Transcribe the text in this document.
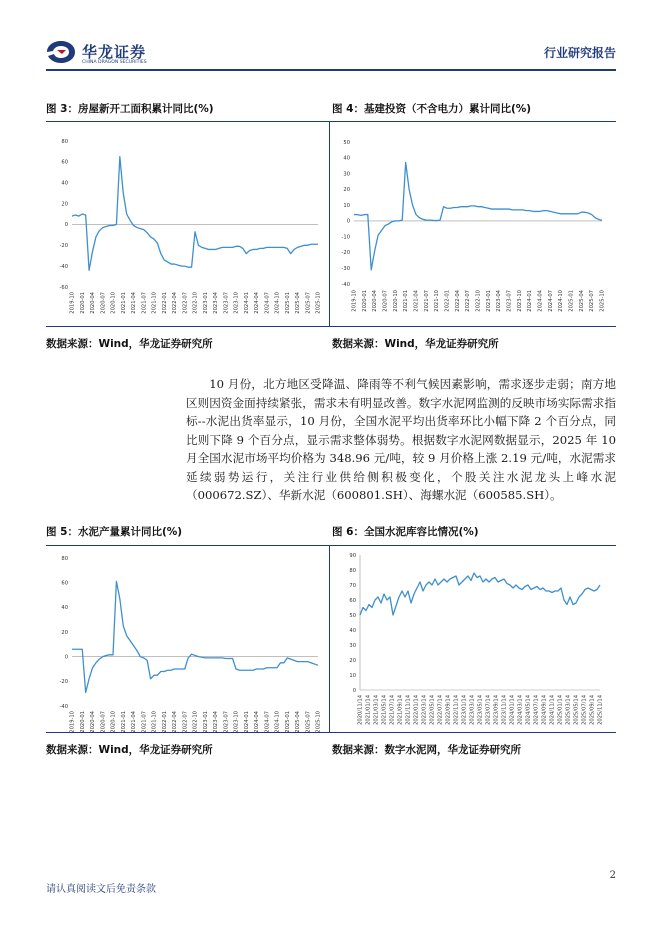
华龙证券
CHINA DRAGON SECURITIES
行业研究报告
图 3：房屋新开工面积累计同比(%)
80
60
40
20
0
-20
-40
-60
2019-10 2020-01 2020-04 2020-07 2020-10 2021-01 2021-04 2021-07 2021-10 2022-01 2022-04 2022-07 2022-10 2023-01 2023-04 2023-07 2023-10 2024-01 2024-04 2024-07 2024-10 2025-01 2025-04 2025-07 2025-10
数据来源：Wind，华龙证券研究所
图 4：基建投资（不含电力）累计同比(%)
50
40
30
20
10
0
-10
-20
-30
-40
2019-10 2020-01 2020-04 2020-07 2020-10 2021-01 2021-04 2021-07 2021-10 2022-01 2022-04 2022-07 2022-10 2023-01 2023-04 2023-07 2023-10 2024-01 2024-04 2024-07 2024-10 2025-01 2025-04 2025-07 2025-10
数据来源：Wind，华龙证券研究所
10 月份，北方地区受降温、降雨等不利气候因素影响，需求逐步走弱；南方地区则因资金面持续紧张，需求未有明显改善。数字水泥网监测的反映市场实际需求指标--水泥出货率显示，10 月份，全国水泥平均出货率环比小幅下降 2 个百分点，同比则下降 9 个百分点，显示需求整体弱势。根据数字水泥网数据显示，2025 年 10 月全国水泥市场平均价格为 348.96 元/吨，较 9 月价格上涨 2.19 元/吨，水泥需求延续弱势运行，关注行业供给侧积极变化，个股关注水泥龙头上峰水泥（000672.SZ）、华新水泥（600801.SH）、海螺水泥（600585.SH）。
图 5：水泥产量累计同比(%)
80
60
40
20
0
-20
-40
2019-10 2020-01 2020-04 2020-07 2020-10 2021-01 2021-04 2021-07 2021-10 2022-01 2022-04 2022-07 2022-10 2023-01 2023-04 2023-07 2023-10 2024-01 2024-04 2024-07 2024-10 2025-01 2025-04 2025-07 2025-10
数据来源：Wind，华龙证券研究所
图 6：全国水泥库容比情况(%)
90
80
70
60
50
40
30
20
10
0
2020/11/14 2021/01/14 2021/03/14 2021/05/14 2021/07/14 2021/09/14 2021/11/14 2022/01/14 2022/03/14 2022/05/14 2022/07/14 2022/09/14 2022/11/14 2023/01/14 2023/03/14 2023/05/14 2023/07/14 2023/09/14 2023/11/14 2024/01/14 2024/03/14 2024/05/14 2024/07/14 2024/09/14 2024/11/14 2025/01/14 2025/03/14 2025/05/14 2025/07/14 2025/09/14 2025/11/14
数据来源：数字水泥网，华龙证券研究所
请认真阅读文后免责条款
2
